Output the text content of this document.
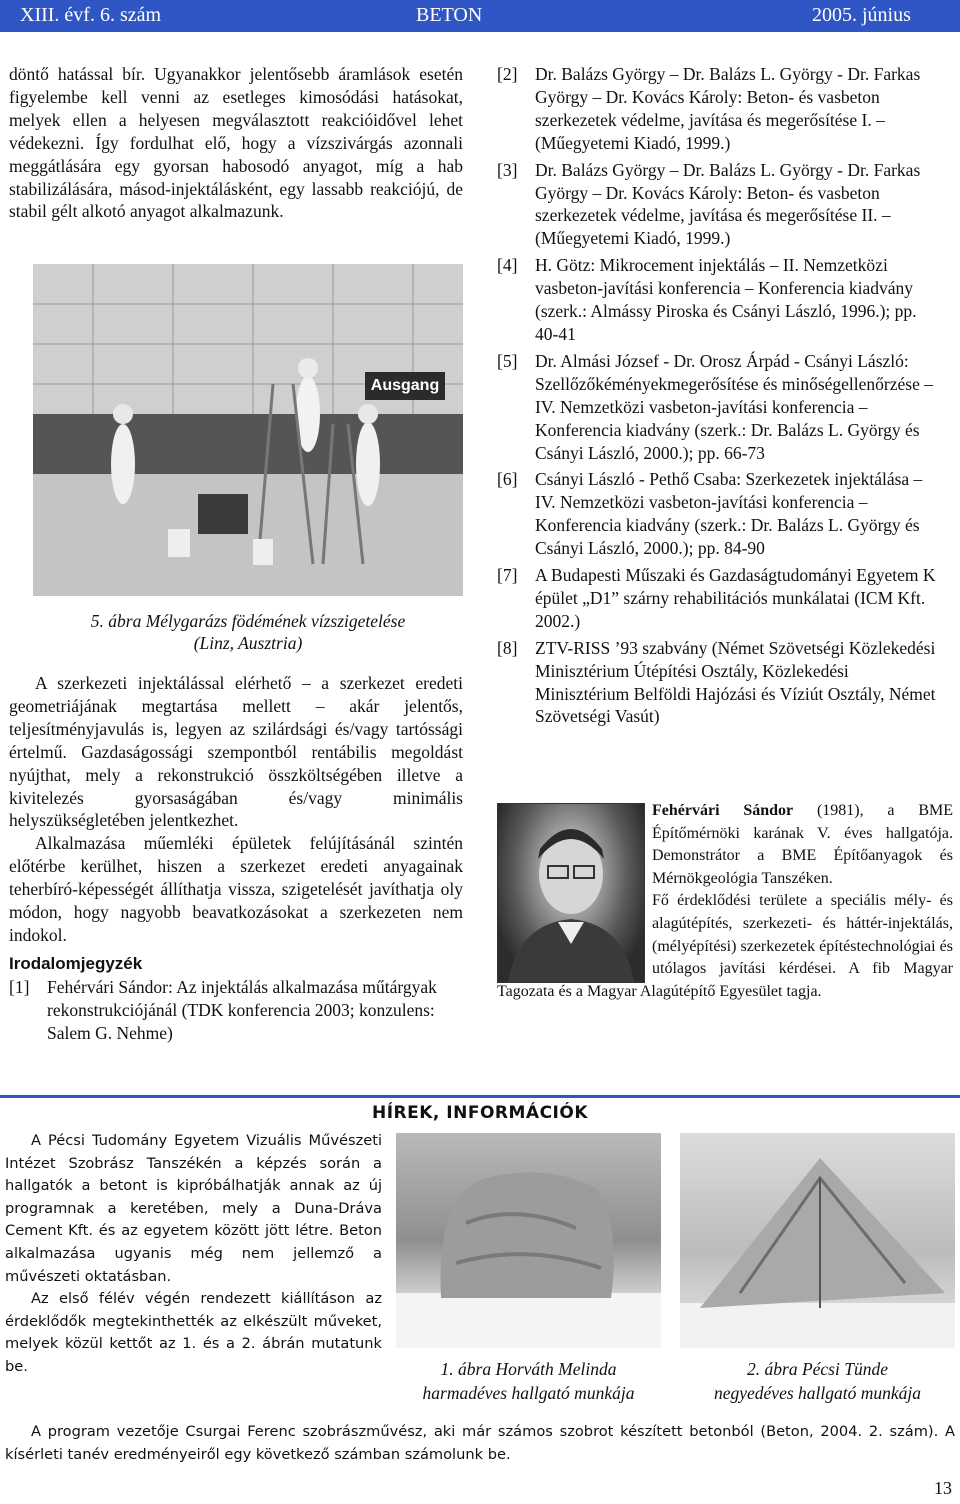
XIII. évf. 6. szám	BETON	2005. június

döntő hatással bír. Ugyanakkor jelentősebb áramlások esetén figyelembe kell venni az esetleges kimosódási hatásokat, melyek ellen a helyesen megválasztott reakcióidővel lehet védekezni. Így fordulhat elő, hogy a vízszivárgás azonnali meggátlására egy gyorsan habosodó anyagot, míg a hab stabilizálására, másod-injektálásként, egy lassabb reakciójú, de stabil gélt alkotó anyagot alkalmazunk.

Ausgang
5. ábra Mélygarázs födémének vízszigetelése
(Linz, Ausztria)

A szerkezeti injektálással elérhető – a szerkezet eredeti geometriájának megtartása mellett – akár jelentős, teljesítményjavulás is, legyen az szilárdsági és/vagy tartóssági értelmű. Gazdaságossági szempontból rentábilis megoldást nyújthat, mely a rekonstrukció összköltségében illetve a kivitelezés gyorsaságában és/vagy minimális helyszükségletében jelentkezhet.

Alkalmazása műemléki épületek felújításánál szintén előtérbe kerülhet, hiszen a szerkezet eredeti anyagainak teherbíró-képességét állíthatja vissza, szigetelését javíthatja oly módon, hogy nagyobb beavatkozásokat a szerkezeten nem indokol.

Irodalomjegyzék
[1]	Fehérvári Sándor: Az injektálás alkalmazása műtárgyak rekonstrukciójánál (TDK konferencia 2003; konzulens: Salem G. Nehme)
[2]	Dr. Balázs György – Dr. Balázs L. György - Dr. Farkas György – Dr. Kovács Károly: Beton- és vasbeton szerkezetek védelme, javítása és megerősítése I. – (Műegyetemi Kiadó, 1999.)
[3]	Dr. Balázs György – Dr. Balázs L. György - Dr. Farkas György – Dr. Kovács Károly: Beton- és vasbeton szerkezetek védelme, javítása és megerősítése II. – (Műegyetemi Kiadó, 1999.)
[4]	H. Götz: Mikrocement injektálás – II. Nemzetközi vasbeton-javítási konferencia – Konferencia kiadvány (szerk.: Almássy Piroska és Csányi László, 1996.); pp. 40-41
[5]	Dr. Almási József - Dr. Orosz Árpád - Csányi László: Szellőzőkéményekmegerősítése és minőségellenőrzése – IV. Nemzetközi vasbeton-javítási konferencia – Konferencia kiadvány (szerk.: Dr. Balázs L. György és Csányi László, 2000.); pp. 66-73
[6]	Csányi László - Pethő Csaba: Szerkezetek injektálása – IV. Nemzetközi vasbeton-javítási konferencia – Konferencia kiadvány (szerk.: Dr. Balázs L. György és Csányi László, 2000.); pp. 84-90
[7]	A Budapesti Műszaki és Gazdaságtudományi Egyetem K épület „D1” szárny rehabilitációs munkálatai (ICM Kft. 2002.)
[8]	ZTV-RISS ’93 szabvány (Német Szövetségi Közlekedési Minisztérium Útépítési Osztály, Közlekedési Minisztérium Belföldi Hajózási és Víziút Osztály, Német Szövetségi Vasút)
Fehérvári Sándor (1981), a BME Építőmérnöki karának V. éves hallgatója. Demonstrátor a BME Építőanyagok és Mérnökgeológia Tanszéken.
Fő érdeklődési területe a speciális mély- és alagútépítés, szerkezeti- és háttér-injektálás, (mélyépítési) szerkezetek építéstechnológiai és utólagos javítási kérdései. A fib Magyar Tagozata és a Magyar Alagútépítő Egyesület tagja.
HÍREK, INFORMÁCIÓK

A Pécsi Tudomány Egyetem Vizuális Művészeti Intézet Szobrász Tanszékén a képzés során a hallgatók a betont is kipróbálhatják annak az új programnak a keretében, mely a Duna-Dráva Cement Kft. és az egyetem között jött létre. Beton alkalmazása ugyanis még nem jellemző a művészeti oktatásban.

Az első félév végén rendezett kiállításon az érdeklődők megtekinthették az elkészült műveket, melyek közül kettőt az 1. és a 2. ábrán mutatunk be.	1. ábra Horváth Melinda
harmadéves hallgató munkája
2. ábra Pécsi Tünde
negyedéves hallgató munkája

A program vezetője Csurgai Ferenc szobrászművész, aki már számos szobrot készített betonból (Beton, 2004. 2. szám). A kísérleti tanév eredményeiről egy következő számban számolunk be.

13
